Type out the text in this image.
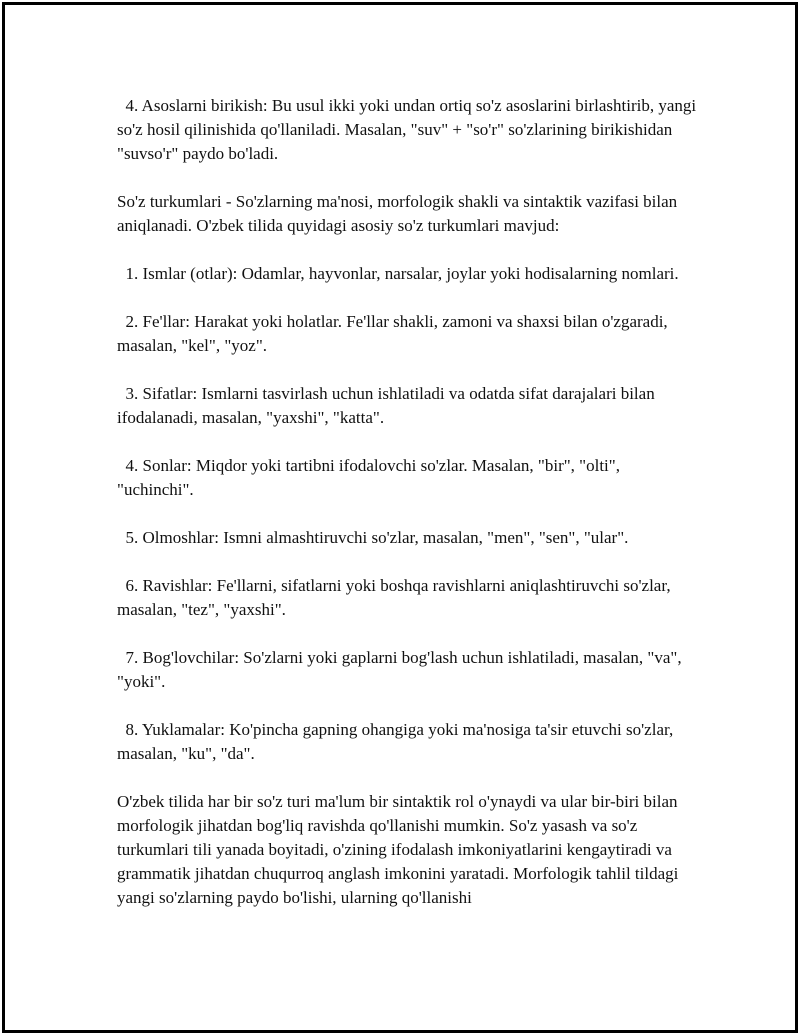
4. Asoslarni birikish: Bu usul ikki yoki undan ortiq so'z asoslarini birlashtirib, yangi so'z hosil qilinishida qo'llaniladi. Masalan, "suv" + "so'r" so'zlarining birikishidan "suvso'r" paydo bo'ladi.

So'z turkumlari - So'zlarning ma'nosi, morfologik shakli va sintaktik vazifasi bilan aniqlanadi. O'zbek tilida quyidagi asosiy so'z turkumlari mavjud:

1. Ismlar (otlar): Odamlar, hayvonlar, narsalar, joylar yoki hodisalarning nomlari.

2. Fe'llar: Harakat yoki holatlar. Fe'llar shakli, zamoni va shaxsi bilan o'zgaradi, masalan, "kel", "yoz".

3. Sifatlar: Ismlarni tasvirlash uchun ishlatiladi va odatda sifat darajalari bilan ifodalanadi, masalan, "yaxshi", "katta".

4. Sonlar: Miqdor yoki tartibni ifodalovchi so'zlar. Masalan, "bir", "olti", "uchinchi".

5. Olmoshlar: Ismni almashtiruvchi so'zlar, masalan, "men", "sen", "ular".

6. Ravishlar: Fe'llarni, sifatlarni yoki boshqa ravishlarni aniqlashtiruvchi so'zlar, masalan, "tez", "yaxshi".

7. Bog'lovchilar: So'zlarni yoki gaplarni bog'lash uchun ishlatiladi, masalan, "va", "yoki".

8. Yuklamalar: Ko'pincha gapning ohangiga yoki ma'nosiga ta'sir etuvchi so'zlar, masalan, "ku", "da".

O'zbek tilida har bir so'z turi ma'lum bir sintaktik rol o'ynaydi va ular bir-biri bilan morfologik jihatdan bog'liq ravishda qo'llanishi mumkin. So'z yasash va so'z turkumlari tili yanada boyitadi, o'zining ifodalash imkoniyatlarini kengaytiradi va grammatik jihatdan chuqurroq anglash imkonini yaratadi. Morfologik tahlil tildagi yangi so'zlarning paydo bo'lishi, ularning qo'llanishi
